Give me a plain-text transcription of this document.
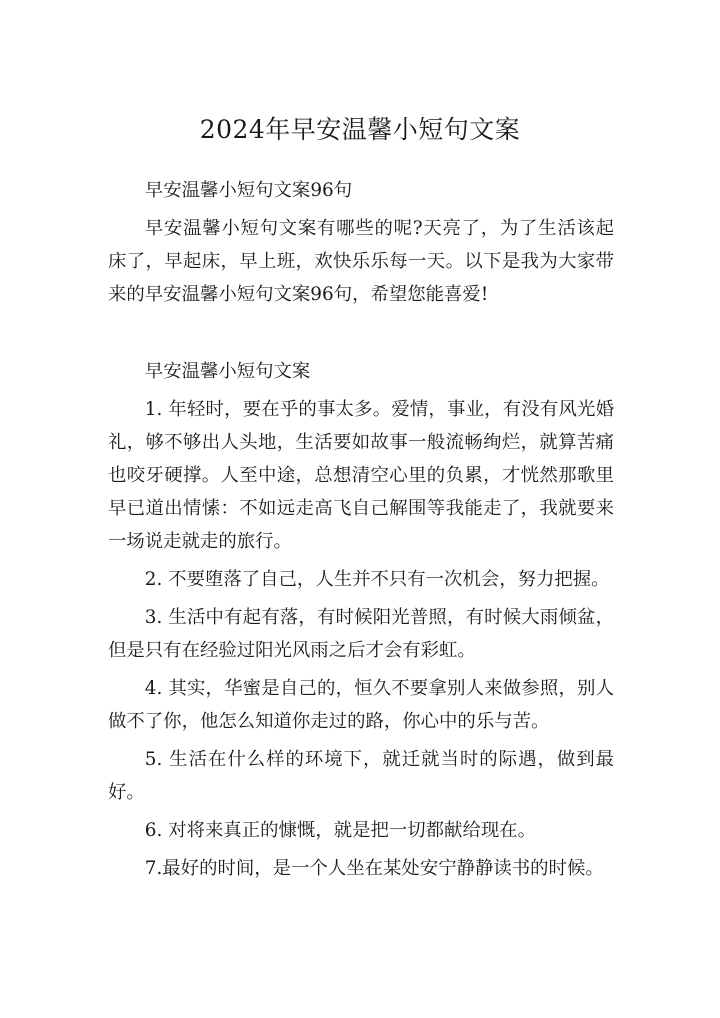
2024年早安温馨小短句文案

早安温馨小短句文案96句

早安温馨小短句文案有哪些的呢?天亮了，为了生活该起床了，早起床，早上班，欢快乐乐每一天。以下是我为大家带来的早安温馨小短句文案96句，希望您能喜爱!

早安温馨小短句文案

1. 年轻时，要在乎的事太多。爱情，事业，有没有风光婚礼，够不够出人头地，生活要如故事一般流畅绚烂，就算苦痛也咬牙硬撑。人至中途，总想清空心里的负累，才恍然那歌里早已道出情愫：不如远走高飞自己解围等我能走了，我就要来一场说走就走的旅行。

2. 不要堕落了自己，人生并不只有一次机会，努力把握。

3. 生活中有起有落，有时候阳光普照，有时候大雨倾盆，但是只有在经验过阳光风雨之后才会有彩虹。

4. 其实，华蜜是自己的，恒久不要拿别人来做参照，别人做不了你，他怎么知道你走过的路，你心中的乐与苦。

5. 生活在什么样的环境下，就迁就当时的际遇，做到最好。

6. 对将来真正的慷慨，就是把一切都献给现在。

7.最好的时间，是一个人坐在某处安宁静静读书的时候。
